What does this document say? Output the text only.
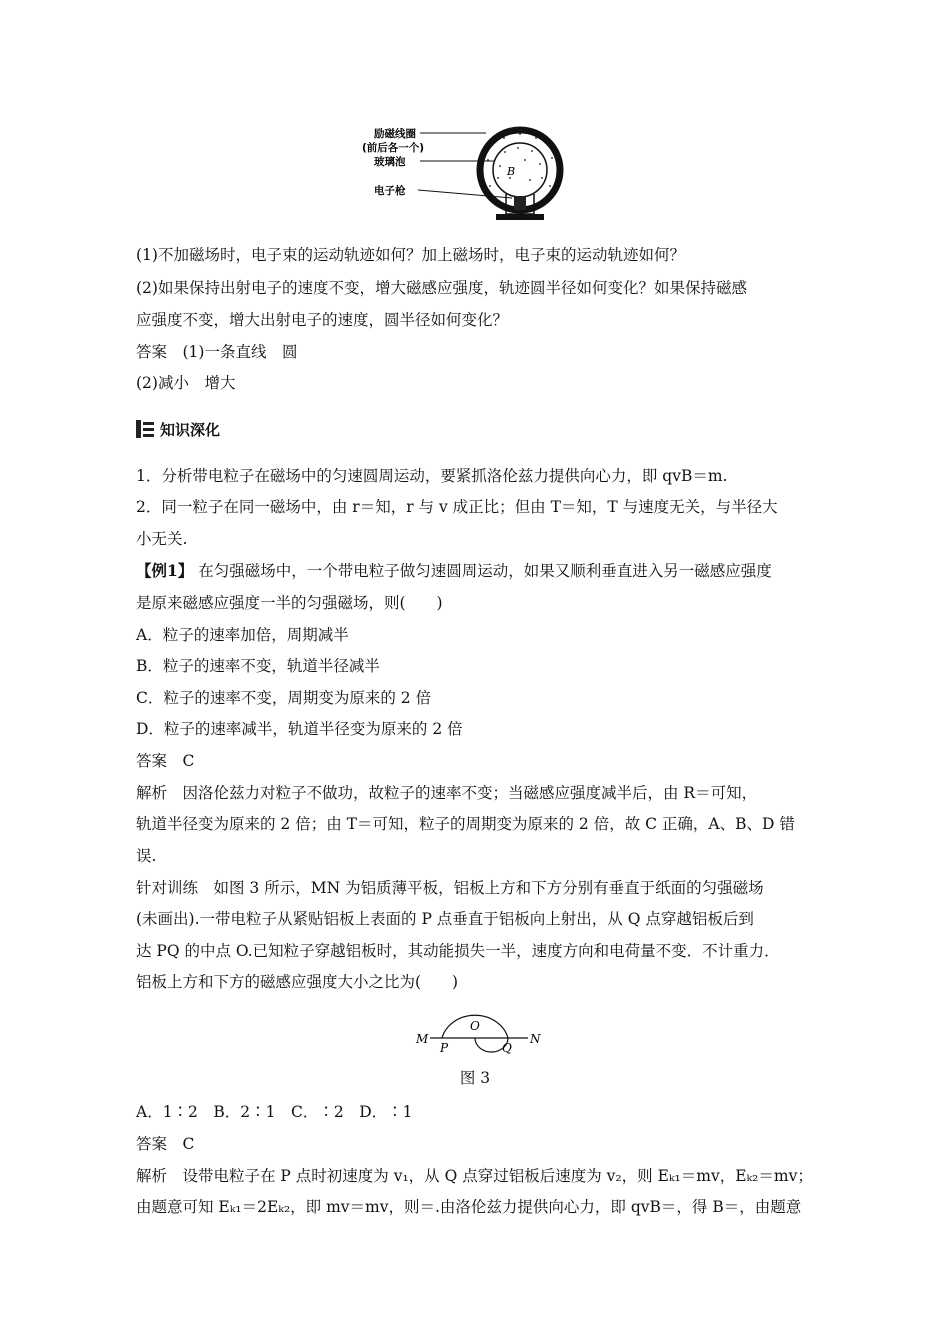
B
励磁线圈
(前后各一个)
玻璃泡
电子枪
(1)不加磁场时，电子束的运动轨迹如何？加上磁场时，电子束的运动轨迹如何？
(2)如果保持出射电子的速度不变，增大磁感应强度，轨迹圆半径如何变化？如果保持磁感
应强度不变，增大出射电子的速度，圆半径如何变化？
答案　(1)一条直线　圆
(2)减小　增大
知识深化
1．分析带电粒子在磁场中的匀速圆周运动，要紧抓洛伦兹力提供向心力，即 qvB＝m.
2．同一粒子在同一磁场中，由 r＝知，r 与 v 成正比；但由 T＝知，T 与速度无关，与半径大
小无关.
【例1】 在匀强磁场中，一个带电粒子做匀速圆周运动，如果又顺利垂直进入另一磁感应强度
是原来磁感应强度一半的匀强磁场，则(　　)
A．粒子的速率加倍，周期减半
B．粒子的速率不变，轨道半径减半
C．粒子的速率不变，周期变为原来的 2 倍
D．粒子的速率减半，轨道半径变为原来的 2 倍
答案　C
解析　因洛伦兹力对粒子不做功，故粒子的速率不变；当磁感应强度减半后，由 R＝可知，
轨道半径变为原来的 2 倍；由 T＝可知，粒子的周期变为原来的 2 倍，故 C 正确，A、B、D 错
误.
针对训练　如图 3 所示，MN 为铝质薄平板，铝板上方和下方分别有垂直于纸面的匀强磁场
(未画出).一带电粒子从紧贴铝板上表面的 P 点垂直于铝板向上射出，从 Q 点穿越铝板后到
达 PQ 的中点 O.已知粒子穿越铝板时，其动能损失一半，速度方向和电荷量不变．不计重力．
铝板上方和下方的磁感应强度大小之比为(　　)
M	N
O
P	Q
图 3
A．1∶2　B．2∶1　C．∶2　D．∶1
答案　C
解析　设带电粒子在 P 点时初速度为 v₁，从 Q 点穿过铝板后速度为 v₂，则 Eₖ₁＝mv，Eₖ₂＝mv；
由题意可知 Eₖ₁＝2Eₖ₂，即 mv＝mv，则＝.由洛伦兹力提供向心力，即 qvB＝，得 B＝，由题意
